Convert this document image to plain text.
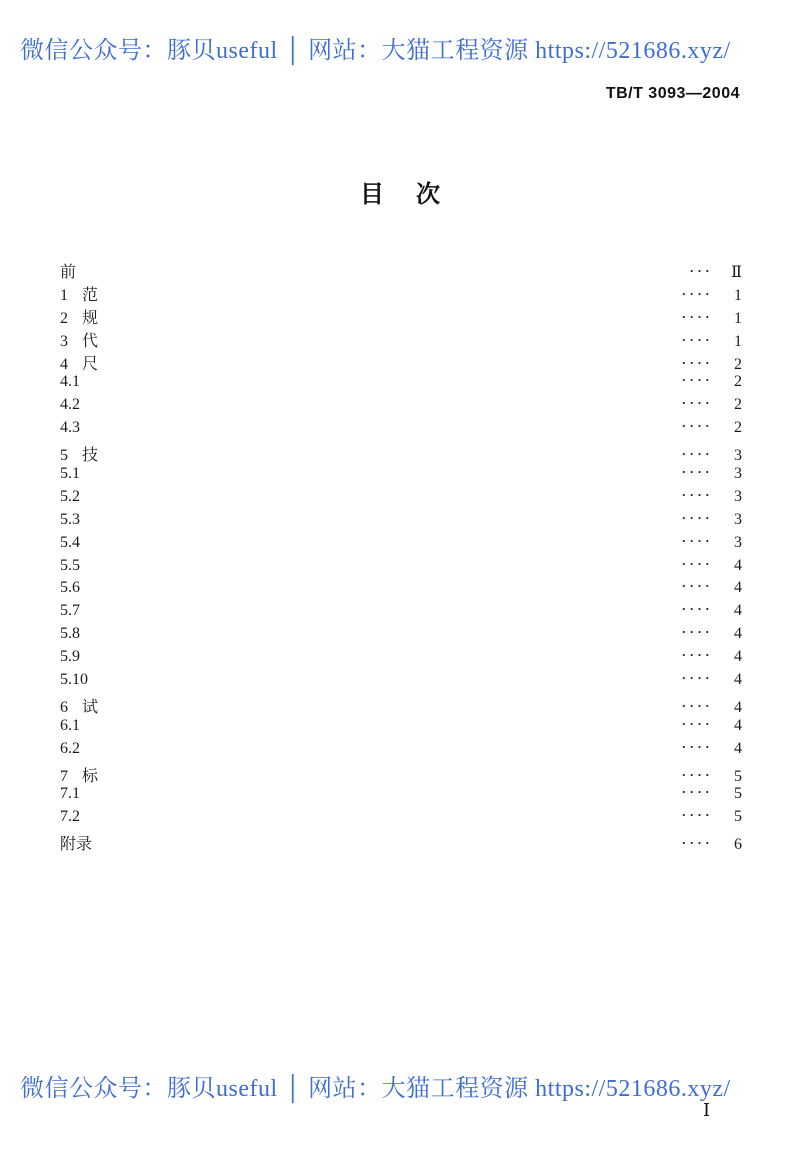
微信公众号：豚贝useful │ 网站：大猫工程资源 https://521686.xyz/
TB/T 3093—2004
目 次
前	···	Ⅱ
1 范	····	1
2 规	····	1
3 代	····	1
4 尺	····	2
4.1	····	2
4.2	····	2
4.3	····	2
5 技	····	3
5.1	····	3
5.2	····	3
5.3	····	3
5.4	····	3
5.5	····	4
5.6	····	4
5.7	····	4
5.8	····	4
5.9	····	4
5.10	····	4
6 试	····	4
6.1	····	4
6.2	····	4
7 标	····	5
7.1	····	5
7.2	····	5
附录	····	6
微信公众号：豚贝useful │ 网站：大猫工程资源 https://521686.xyz/
Ⅰ
